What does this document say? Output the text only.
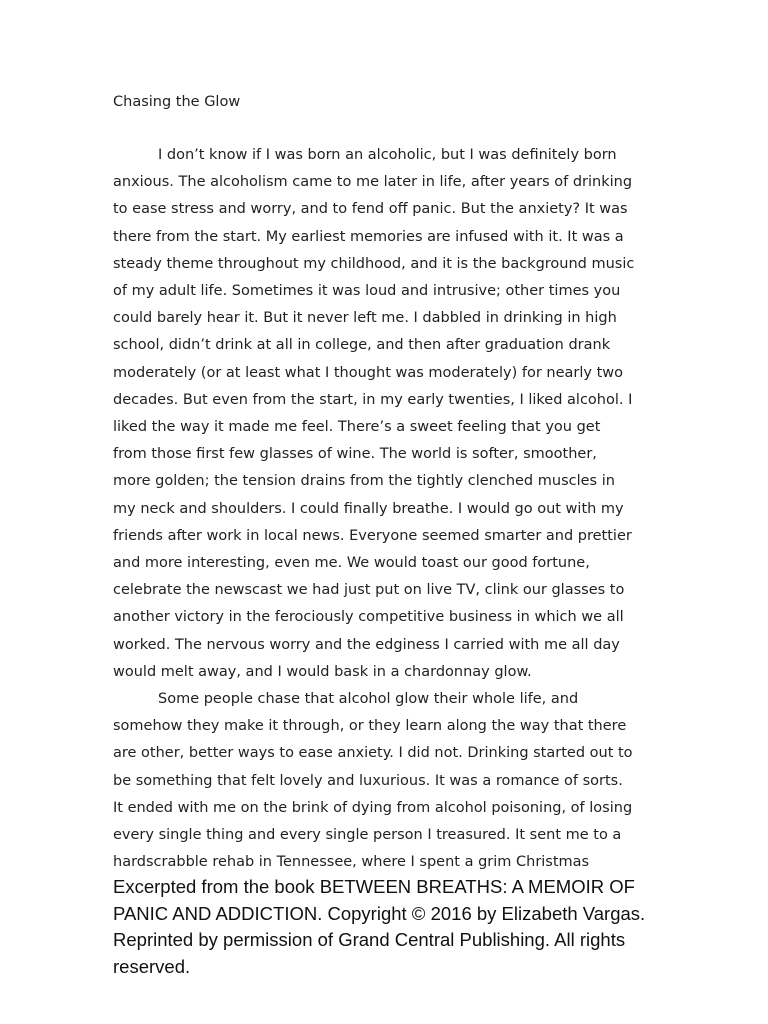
Chasing the Glow

I don’t know if I was born an alcoholic, but I was definitely born
anxious. The alcoholism came to me later in life, after years of drinking
to ease stress and worry, and to fend off panic. But the anxiety? It was
there from the start. My earliest memories are infused with it. It was a
steady theme throughout my childhood, and it is the background music
of my adult life. Sometimes it was loud and intrusive; other times you
could barely hear it. But it never left me. I dabbled in drinking in high
school, didn’t drink at all in college, and then after graduation drank
moderately (or at least what I thought was moderately) for nearly two
decades. But even from the start, in my early twenties, I liked alcohol. I
liked the way it made me feel. There’s a sweet feeling that you get
from those first few glasses of wine. The world is softer, smoother,
more golden; the tension drains from the tightly clenched muscles in
my neck and shoulders. I could finally breathe. I would go out with my
friends after work in local news. Everyone seemed smarter and prettier
and more interesting, even me. We would toast our good fortune,
celebrate the newscast we had just put on live TV, clink our glasses to
another victory in the ferociously competitive business in which we all
worked. The nervous worry and the edginess I carried with me all day
would melt away, and I would bask in a chardonnay glow.

Some people chase that alcohol glow their whole life, and
somehow they make it through, or they learn along the way that there
are other, better ways to ease anxiety. I did not. Drinking started out to
be something that felt lovely and luxurious. It was a romance of sorts.
It ended with me on the brink of dying from alcohol poisoning, of losing
every single thing and every single person I treasured. It sent me to a
hardscrabble rehab in Tennessee, where I spent a grim Christmas

Excerpted from the book BETWEEN BREATHS: A MEMOIR OF
PANIC AND ADDICTION. Copyright © 2016 by Elizabeth Vargas.
Reprinted by permission of Grand Central Publishing. All rights
reserved.
